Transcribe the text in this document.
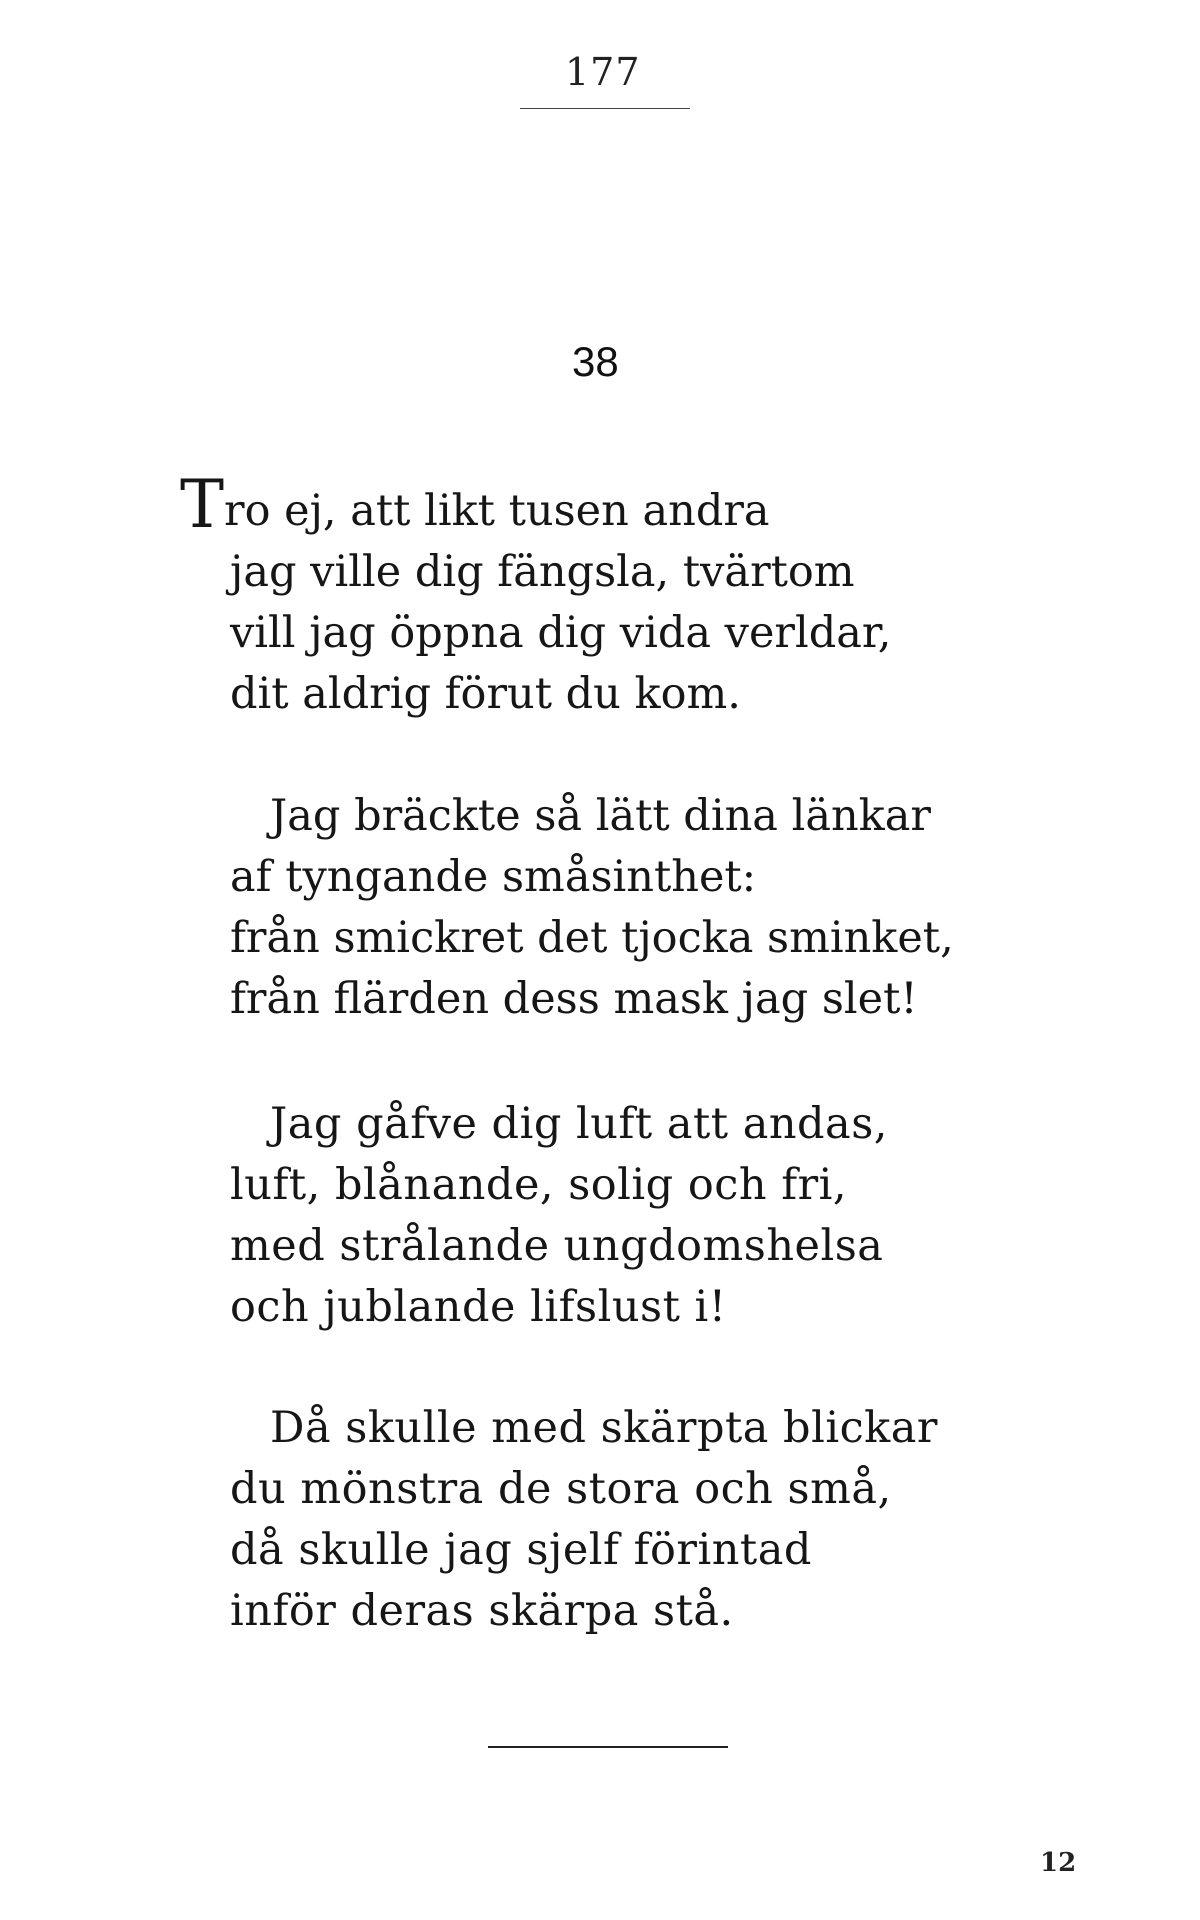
177
38
Tro ej, att likt tusen andra
jag ville dig fängsla, tvärtom
vill jag öppna dig vida verldar,
dit aldrig förut du kom.
Jag bräckte så lätt dina länkar
af tyngande småsinthet:
från smickret det tjocka sminket,
från flärden dess mask jag slet!
Jag gåfve dig luft att andas,
luft, blånande, solig och fri,
med strålande ungdomshelsa
och jublande lifslust i!
Då skulle med skärpta blickar
du mönstra de stora och små,
då skulle jag sjelf förintad
inför deras skärpa stå.
12
